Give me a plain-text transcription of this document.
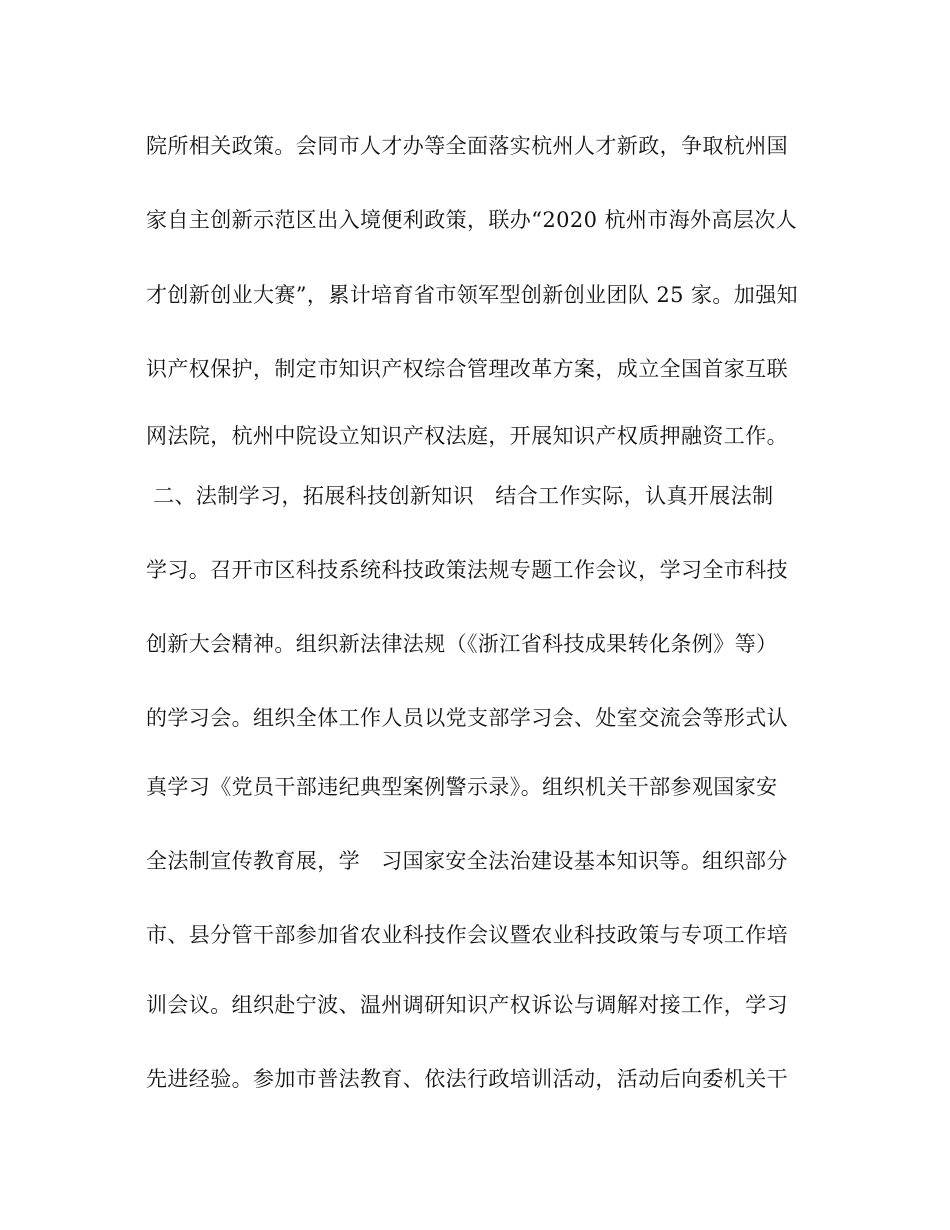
院所相关政策。会同市人才办等全面落实杭州人才新政，争取杭州国
家自主创新示范区出入境便利政策，联办“2020 杭州市海外高层次人
才创新创业大赛”，累计培育省市领军型创新创业团队 25 家。加强知
识产权保护，制定市知识产权综合管理改革方案，成立全国首家互联
网法院，杭州中院设立知识产权法庭，开展知识产权质押融资工作。
二、法制学习，拓展科技创新知识   结合工作实际，认真开展法制
学习。召开市区科技系统科技政策法规专题工作会议，学习全市科技
创新大会精神。组织新法律法规（《浙江省科技成果转化条例》等）
的学习会。组织全体工作人员以党支部学习会、处室交流会等形式认
真学习《党员干部违纪典型案例警示录》。组织机关干部参观国家安
全法制宣传教育展，学   习国家安全法治建设基本知识等。组织部分
市、县分管干部参加省农业科技作会议暨农业科技政策与专项工作培
训会议。组织赴宁波、温州调研知识产权诉讼与调解对接工作，学习
先进经验。参加市普法教育、依法行政培训活动，活动后向委机关干
